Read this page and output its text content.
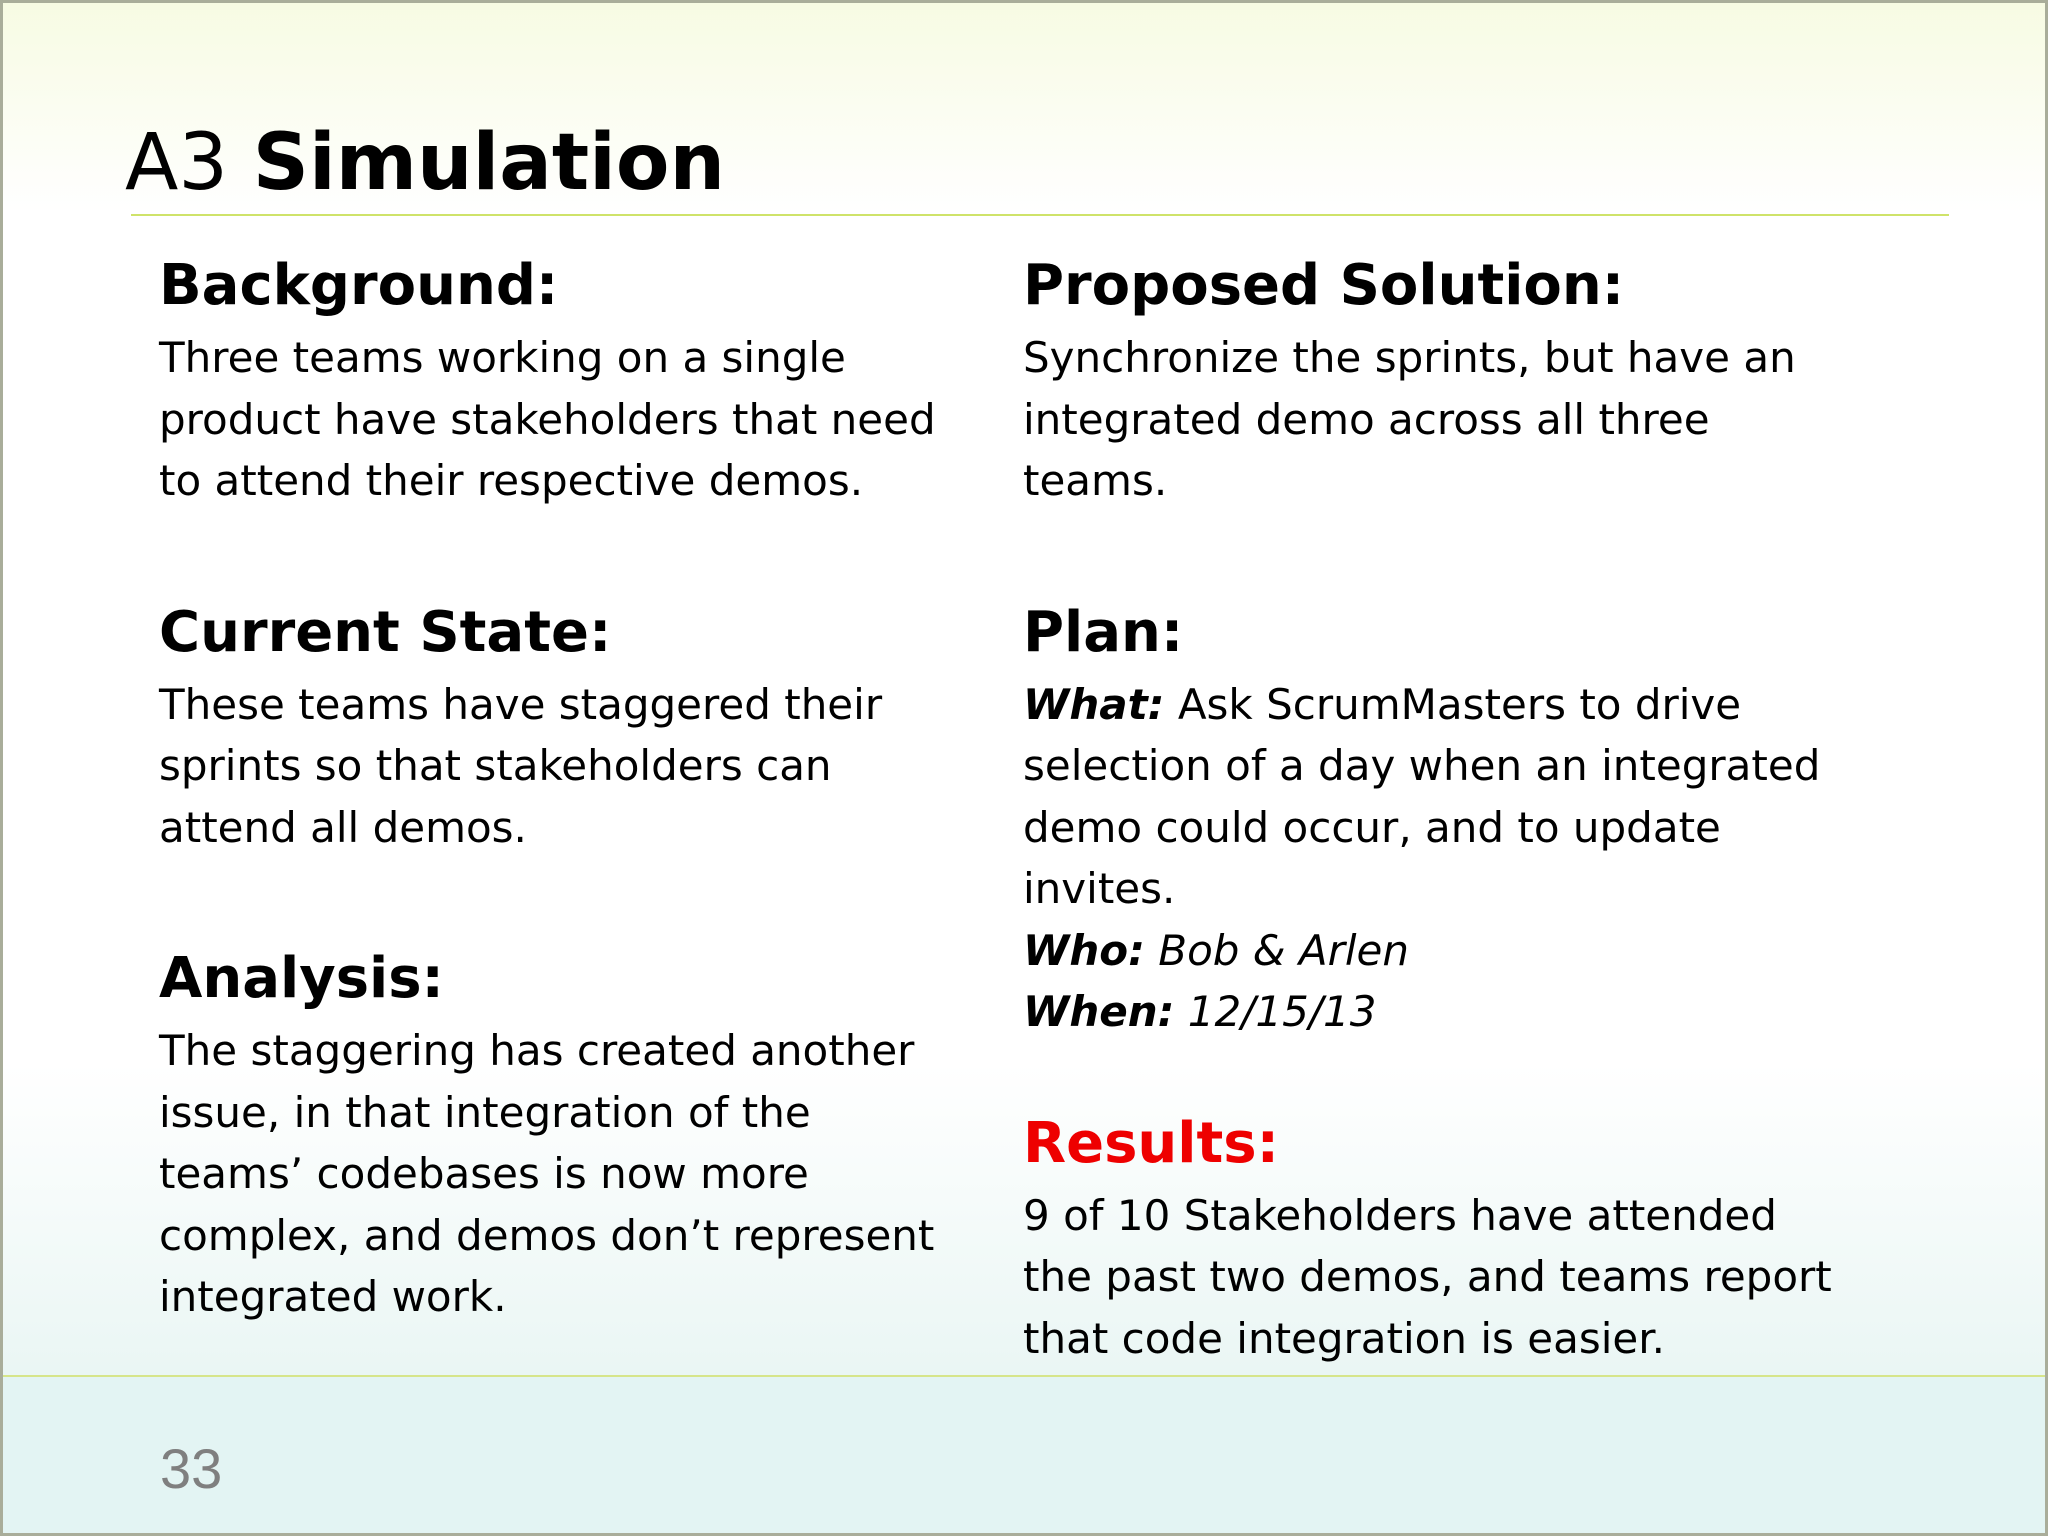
A3 Simulation

Background:

Three teams working on a single product have stakeholders that need to attend their respective demos.

Current State:

These teams have staggered their sprints so that stakeholders can attend all demos.

Analysis:

The staggering has created another issue, in that integration of the teams’ codebases is now more complex, and demos don’t represent integrated work.

Proposed Solution:

Synchronize the sprints, but have an integrated demo across all three teams.

Plan:

What: Ask ScrumMasters to drive selection of a day when an integrated demo could occur, and to update invites.

Who: Bob & Arlen

When: 12/15/13

Results:

9 of 10 Stakeholders have attended the past two demos, and teams report that code integration is easier.

33
